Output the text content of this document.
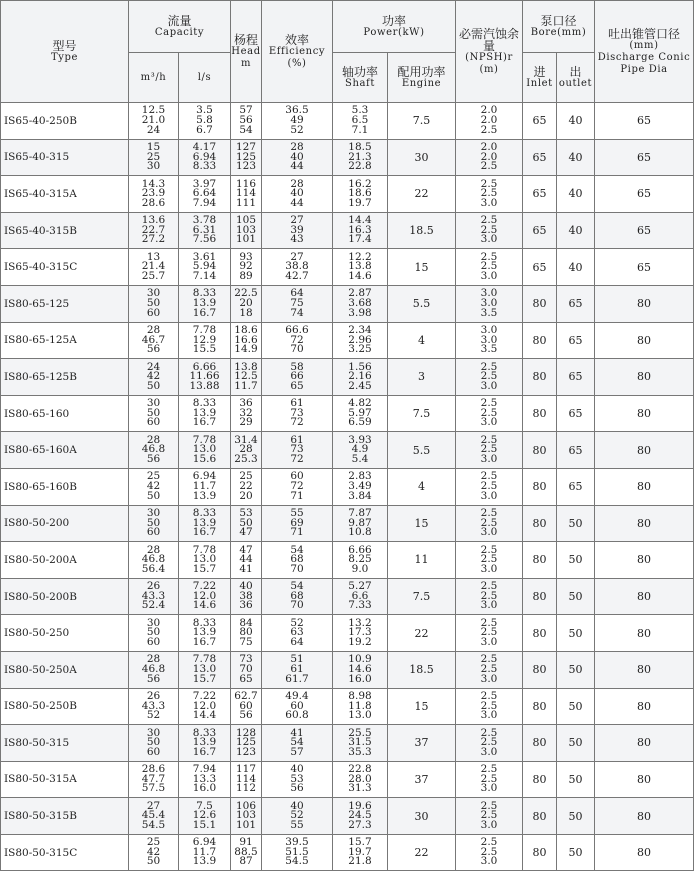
型号
Type	流量
Capacity		杨程
Head
m	效率
Efficiency
(%)	功率
Power(kW)		必需汽蚀余量
(NPSH)r
(m)	泵口径
Bore(mm)		吐出锥管口径
(mm)
Discharge Conic Pipe Dia

	m³/h	l/s			轴功率
Shaft	配用功率
Engine		进
Inlet	出
outlet	

IS65-40-250B	12.5
21.0
24	3.5
5.8
6.7	57
56
54	36.5
49
52	5.3
6.5
7.1	7.5	2.0
2.0
2.5	65	40	65
IS65-40-315	15
25
30	4.17
6.94
8.33	127
125
123	28
40
44	18.5
21.3
22.8	30	2.0
2.0
2.5	65	40	65
IS65-40-315A	14.3
23.9
28.6	3.97
6.64
7.94	116
114
111	28
40
44	16.2
18.6
19.7	22	2.5
2.5
3.0	65	40	65
IS65-40-315B	13.6
22.7
27.2	3.78
6.31
7.56	105
103
101	27
39
43	14.4
16.3
17.4	18.5	2.5
2.5
3.0	65	40	65
IS65-40-315C	13
21.4
25.7	3.61
5.94
7.14	93
92
89	27
38.8
42.7	12.2
13.8
14.6	15	2.5
2.5
3.0	65	40	65
IS80-65-125	30
50
60	8.33
13.9
16.7	22.5
20
18	64
75
74	2.87
3.68
3.98	5.5	3.0
3.0
3.5	80	65	80
IS80-65-125A	28
46.7
56	7.78
12.9
15.5	18.6
16.6
14.9	66.6
72
70	2.34
2.96
3.25	4	3.0
3.0
3.5	80	65	80
IS80-65-125B	24
42
50	6.66
11.66
13.88	13.8
12.5
11.7	58
66
65	1.56
2.16
2.45	3	2.5
2.5
3.0	80	65	80
IS80-65-160	30
50
60	8.33
13.9
16.7	36
32
29	61
73
72	4.82
5.97
6.59	7.5	2.5
2.5
3.0	80	65	80
IS80-65-160A	28
46.8
56	7.78
13.0
15.6	31.4
28
25.3	61
73
72	3.93
4.9
5.4	5.5	2.5
2.5
3.0	80	65	80
IS80-65-160B	25
42
50	6.94
11.7
13.9	25
22
20	60
72
71	2.83
3.49
3.84	4	2.5
2.5
3.0	80	65	80
IS80-50-200	30
50
60	8.33
13.9
16.7	53
50
47	55
69
71	7.87
9.87
10.8	15	2.5
2.5
3.0	80	50	80
IS80-50-200A	28
46.8
56.4	7.78
13.0
15.7	47
44
41	54
68
70	6.66
8.25
9.0	11	2.5
2.5
3.0	80	50	80
IS80-50-200B	26
43.3
52.4	7.22
12.0
14.6	40
38
36	54
68
70	5.27
6.6
7.33	7.5	2.5
2.5
3.0	80	50	80
IS80-50-250	30
50
60	8.33
13.9
16.7	84
80
75	52
63
64	13.2
17.3
19.2	22	2.5
2.5
3.0	80	50	80
IS80-50-250A	28
46.8
56	7.78
13.0
15.7	73
70
65	51
61
61.7	10.9
14.6
16.0	18.5	2.5
2.5
3.0	80	50	80
IS80-50-250B	26
43.3
52	7.22
12.0
14.4	62.7
60
56	49.4
60
60.8	8.98
11.8
13.0	15	2.5
2.5
3.0	80	50	80
IS80-50-315	30
50
60	8.33
13.9
16.7	128
125
123	41
54
57	25.5
31.5
35.3	37	2.5
2.5
3.0	80	50	80
IS80-50-315A	28.6
47.7
57.5	7.94
13.3
16.0	117
114
112	40
53
56	22.8
28.0
31.3	37	2.5
2.5
3.0	80	50	80
IS80-50-315B	27
45.4
54.5	7.5
12.6
15.1	106
103
101	40
52
55	19.6
24.5
27.3	30	2.5
2.5
3.0	80	50	80
IS80-50-315C	25
42
50	6.94
11.7
13.9	91
88.5
87	39.5
51.5
54.5	15.7
19.7
21.8	22	2.5
2.5
3.0	80	50	80
